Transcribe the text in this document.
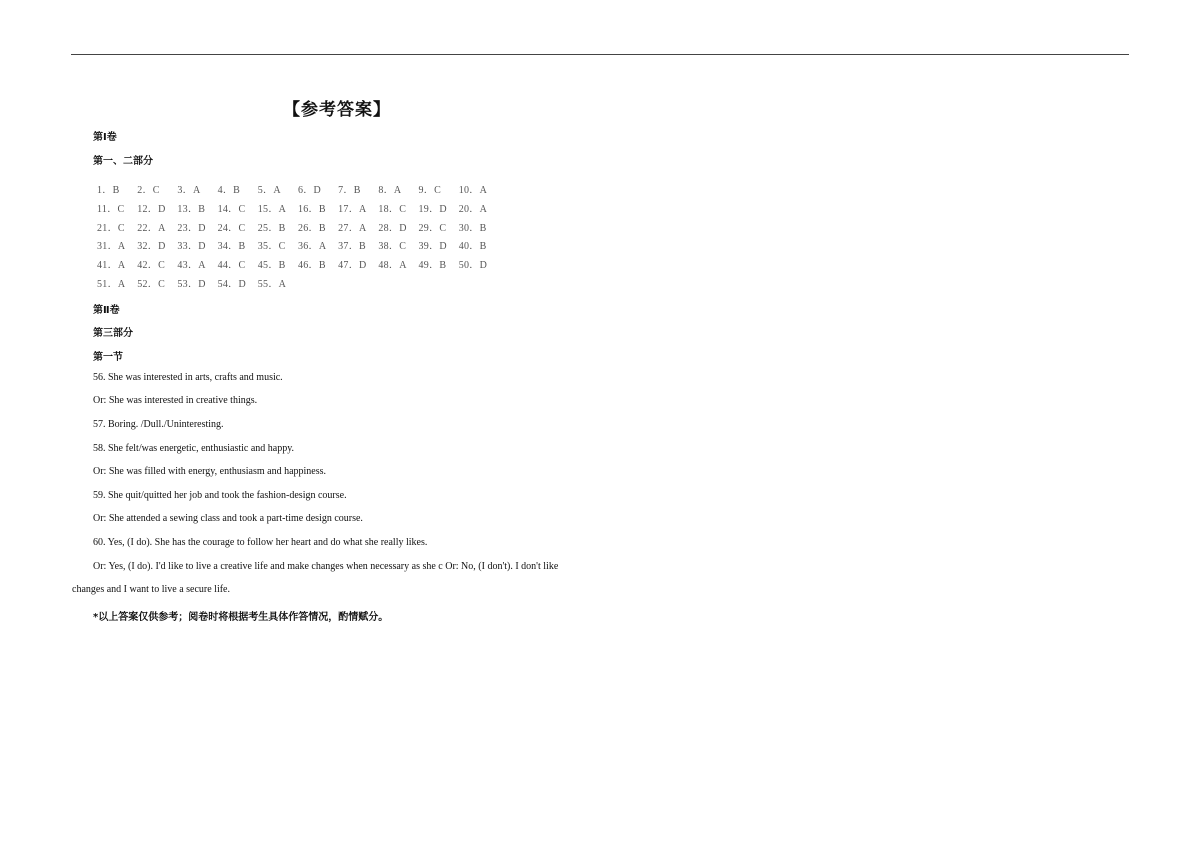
【参考答案】
第Ⅰ卷
第一、二部分
1．B	2．C	3．A	4．B	5．A	6．D	7．B	8．A	9．C	10．A
11．C	12．D	13．B	14．C	15．A	16．B	17．A	18．C	19．D	20．A
21．C	22．A	23．D	24．C	25．B	26．B	27．A	28．D	29．C	30．B
31．A	32．D	33．D	34．B	35．C	36．A	37．B	38．C	39．D	40．B
41．A	42．C	43．A	44．C	45．B	46．B	47．D	48．A	49．B	50．D
51．A	52．C	53．D	54．D	55．A
第Ⅱ卷
第三部分
第一节
56. She was interested in arts, crafts and music.
Or: She was interested in creative things.
57. Boring. /Dull./Uninteresting.
58. She felt/was energetic, enthusiastic and happy.
Or: She was filled with energy, enthusiasm and happiness.
59. She quit/quitted her job and took the fashion-design course.
Or: She attended a sewing class and took a part-time design course.
60. Yes, (I do). She has the courage to follow her heart and do what she really likes.
Or: Yes, (I do). I'd like to live a creative life and make changes when necessary as she c Or: No, (I don't). I don't like
changes and I want to live a secure life.
*以上答案仅供参考；阅卷时将根据考生具体作答情况，酌情赋分。
